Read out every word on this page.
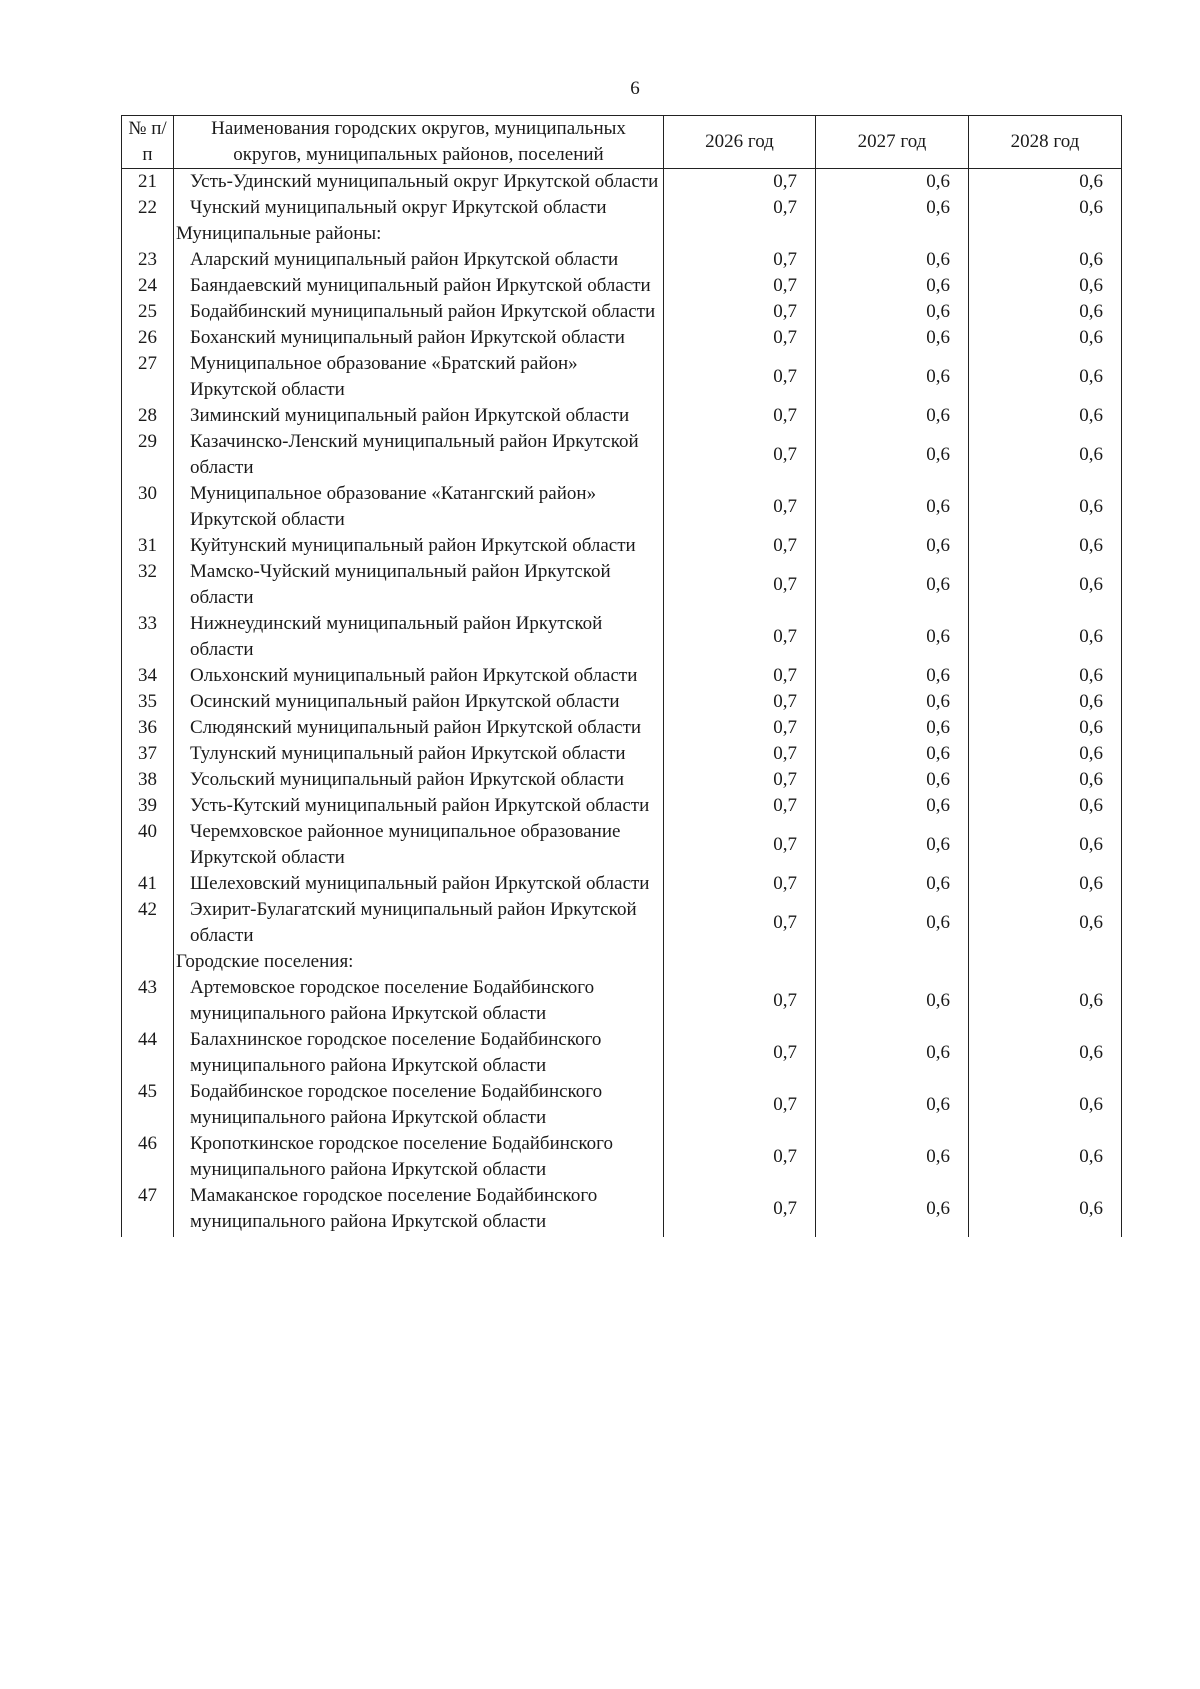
6
№ п/п	Наименования городских округов, муниципальных округов, муниципальных районов, поселений	2026 год	2027 год	2028 год
21	Усть-Удинский муниципальный округ Иркутской области	0,7	0,6	0,6
22	Чунский муниципальный округ Иркутской области	0,7	0,6	0,6
	Муниципальные районы:			
23	Аларский муниципальный район Иркутской области	0,7	0,6	0,6
24	Баяндаевский муниципальный район Иркутской области	0,7	0,6	0,6
25	Бодайбинский муниципальный район Иркутской области	0,7	0,6	0,6
26	Боханский муниципальный район Иркутской области	0,7	0,6	0,6
27	Муниципальное образование «Братский район» Иркутской области	0,7	0,6	0,6
28	Зиминский муниципальный район Иркутской области	0,7	0,6	0,6
29	Казачинско-Ленский муниципальный район Иркутской области	0,7	0,6	0,6
30	Муниципальное образование «Катангский район» Иркутской области	0,7	0,6	0,6
31	Куйтунский муниципальный район Иркутской области	0,7	0,6	0,6
32	Мамско-Чуйский муниципальный район Иркутской области	0,7	0,6	0,6
33	Нижнеудинский муниципальный район Иркутской области	0,7	0,6	0,6
34	Ольхонский муниципальный район Иркутской области	0,7	0,6	0,6
35	Осинский муниципальный район Иркутской области	0,7	0,6	0,6
36	Слюдянский муниципальный район Иркутской области	0,7	0,6	0,6
37	Тулунский муниципальный район Иркутской области	0,7	0,6	0,6
38	Усольский муниципальный район Иркутской области	0,7	0,6	0,6
39	Усть-Кутский муниципальный район Иркутской области	0,7	0,6	0,6
40	Черемховское районное муниципальное образование Иркутской области	0,7	0,6	0,6
41	Шелеховский муниципальный район Иркутской области	0,7	0,6	0,6
42	Эхирит-Булагатский муниципальный район Иркутской области	0,7	0,6	0,6
	Городские поселения:			
43	Артемовское городское поселение Бодайбинского муниципального района Иркутской области	0,7	0,6	0,6
44	Балахнинское городское поселение Бодайбинского муниципального района Иркутской области	0,7	0,6	0,6
45	Бодайбинское городское поселение Бодайбинского муниципального района Иркутской области	0,7	0,6	0,6
46	Кропоткинское городское поселение Бодайбинского муниципального района Иркутской области	0,7	0,6	0,6
47	Мамаканское городское поселение Бодайбинского муниципального района Иркутской области	0,7	0,6	0,6
